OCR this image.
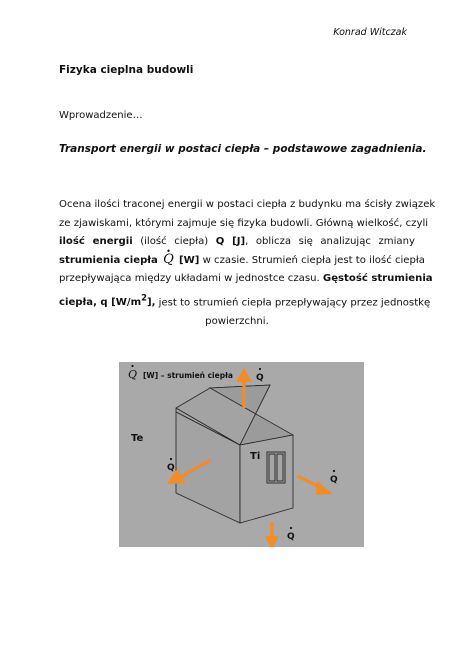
Konrad Witczak
Fizyka cieplna budowli
Wprowadzenie…
Transport energii w postaci ciepła – podstawowe zagadnienia.
Ocena ilości traconej energii w postaci ciepła z budynku ma ścisły związek
ze zjawiskami, którymi zajmuje się fizyka budowli. Główną wielkość, czyli
ilość energii (ilość ciepła) Q [J], oblicza się analizując zmiany
strumienia ciepła • Q [W] w czasie. Strumień ciepła jest to ilość ciepła
przepływająca między układami w jednostce czasu. Gęstość strumienia
ciepła, q $[W/m^2]$, jest to strumień ciepła przepływający przez jednostkę
powierzchni.
Q [W] – strumień ciepła	Q
Te
Q
Ti
Q
Q
